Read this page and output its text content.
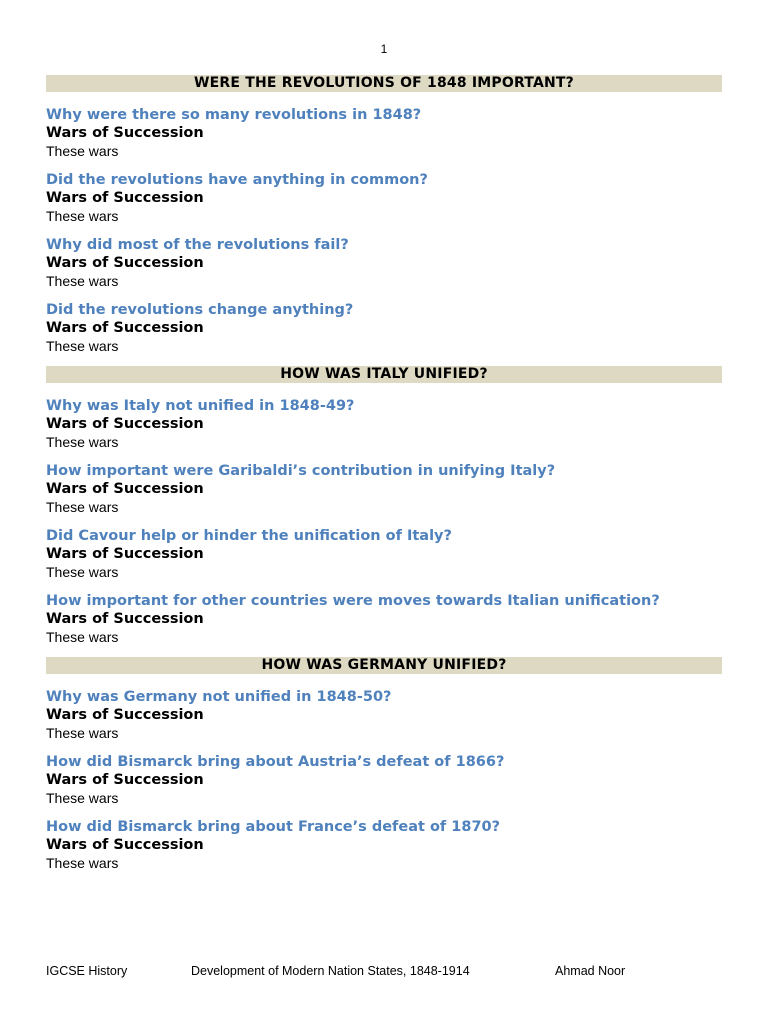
1
WERE THE REVOLUTIONS OF 1848 IMPORTANT?
Why were there so many revolutions in 1848?
Wars of Succession
These wars
Did the revolutions have anything in common?
Wars of Succession
These wars
Why did most of the revolutions fail?
Wars of Succession
These wars
Did the revolutions change anything?
Wars of Succession
These wars
HOW WAS ITALY UNIFIED?
Why was Italy not unified in 1848-49?
Wars of Succession
These wars
How important were Garibaldi’s contribution in unifying Italy?
Wars of Succession
These wars
Did Cavour help or hinder the unification of Italy?
Wars of Succession
These wars
How important for other countries were moves towards Italian unification?
Wars of Succession
These wars
HOW WAS GERMANY UNIFIED?
Why was Germany not unified in 1848-50?
Wars of Succession
These wars
How did Bismarck bring about Austria’s defeat of 1866?
Wars of Succession
These wars
How did Bismarck bring about France’s defeat of 1870?
Wars of Succession
These wars
IGCSE History	Development of Modern Nation States, 1848-1914	Ahmad Noor
